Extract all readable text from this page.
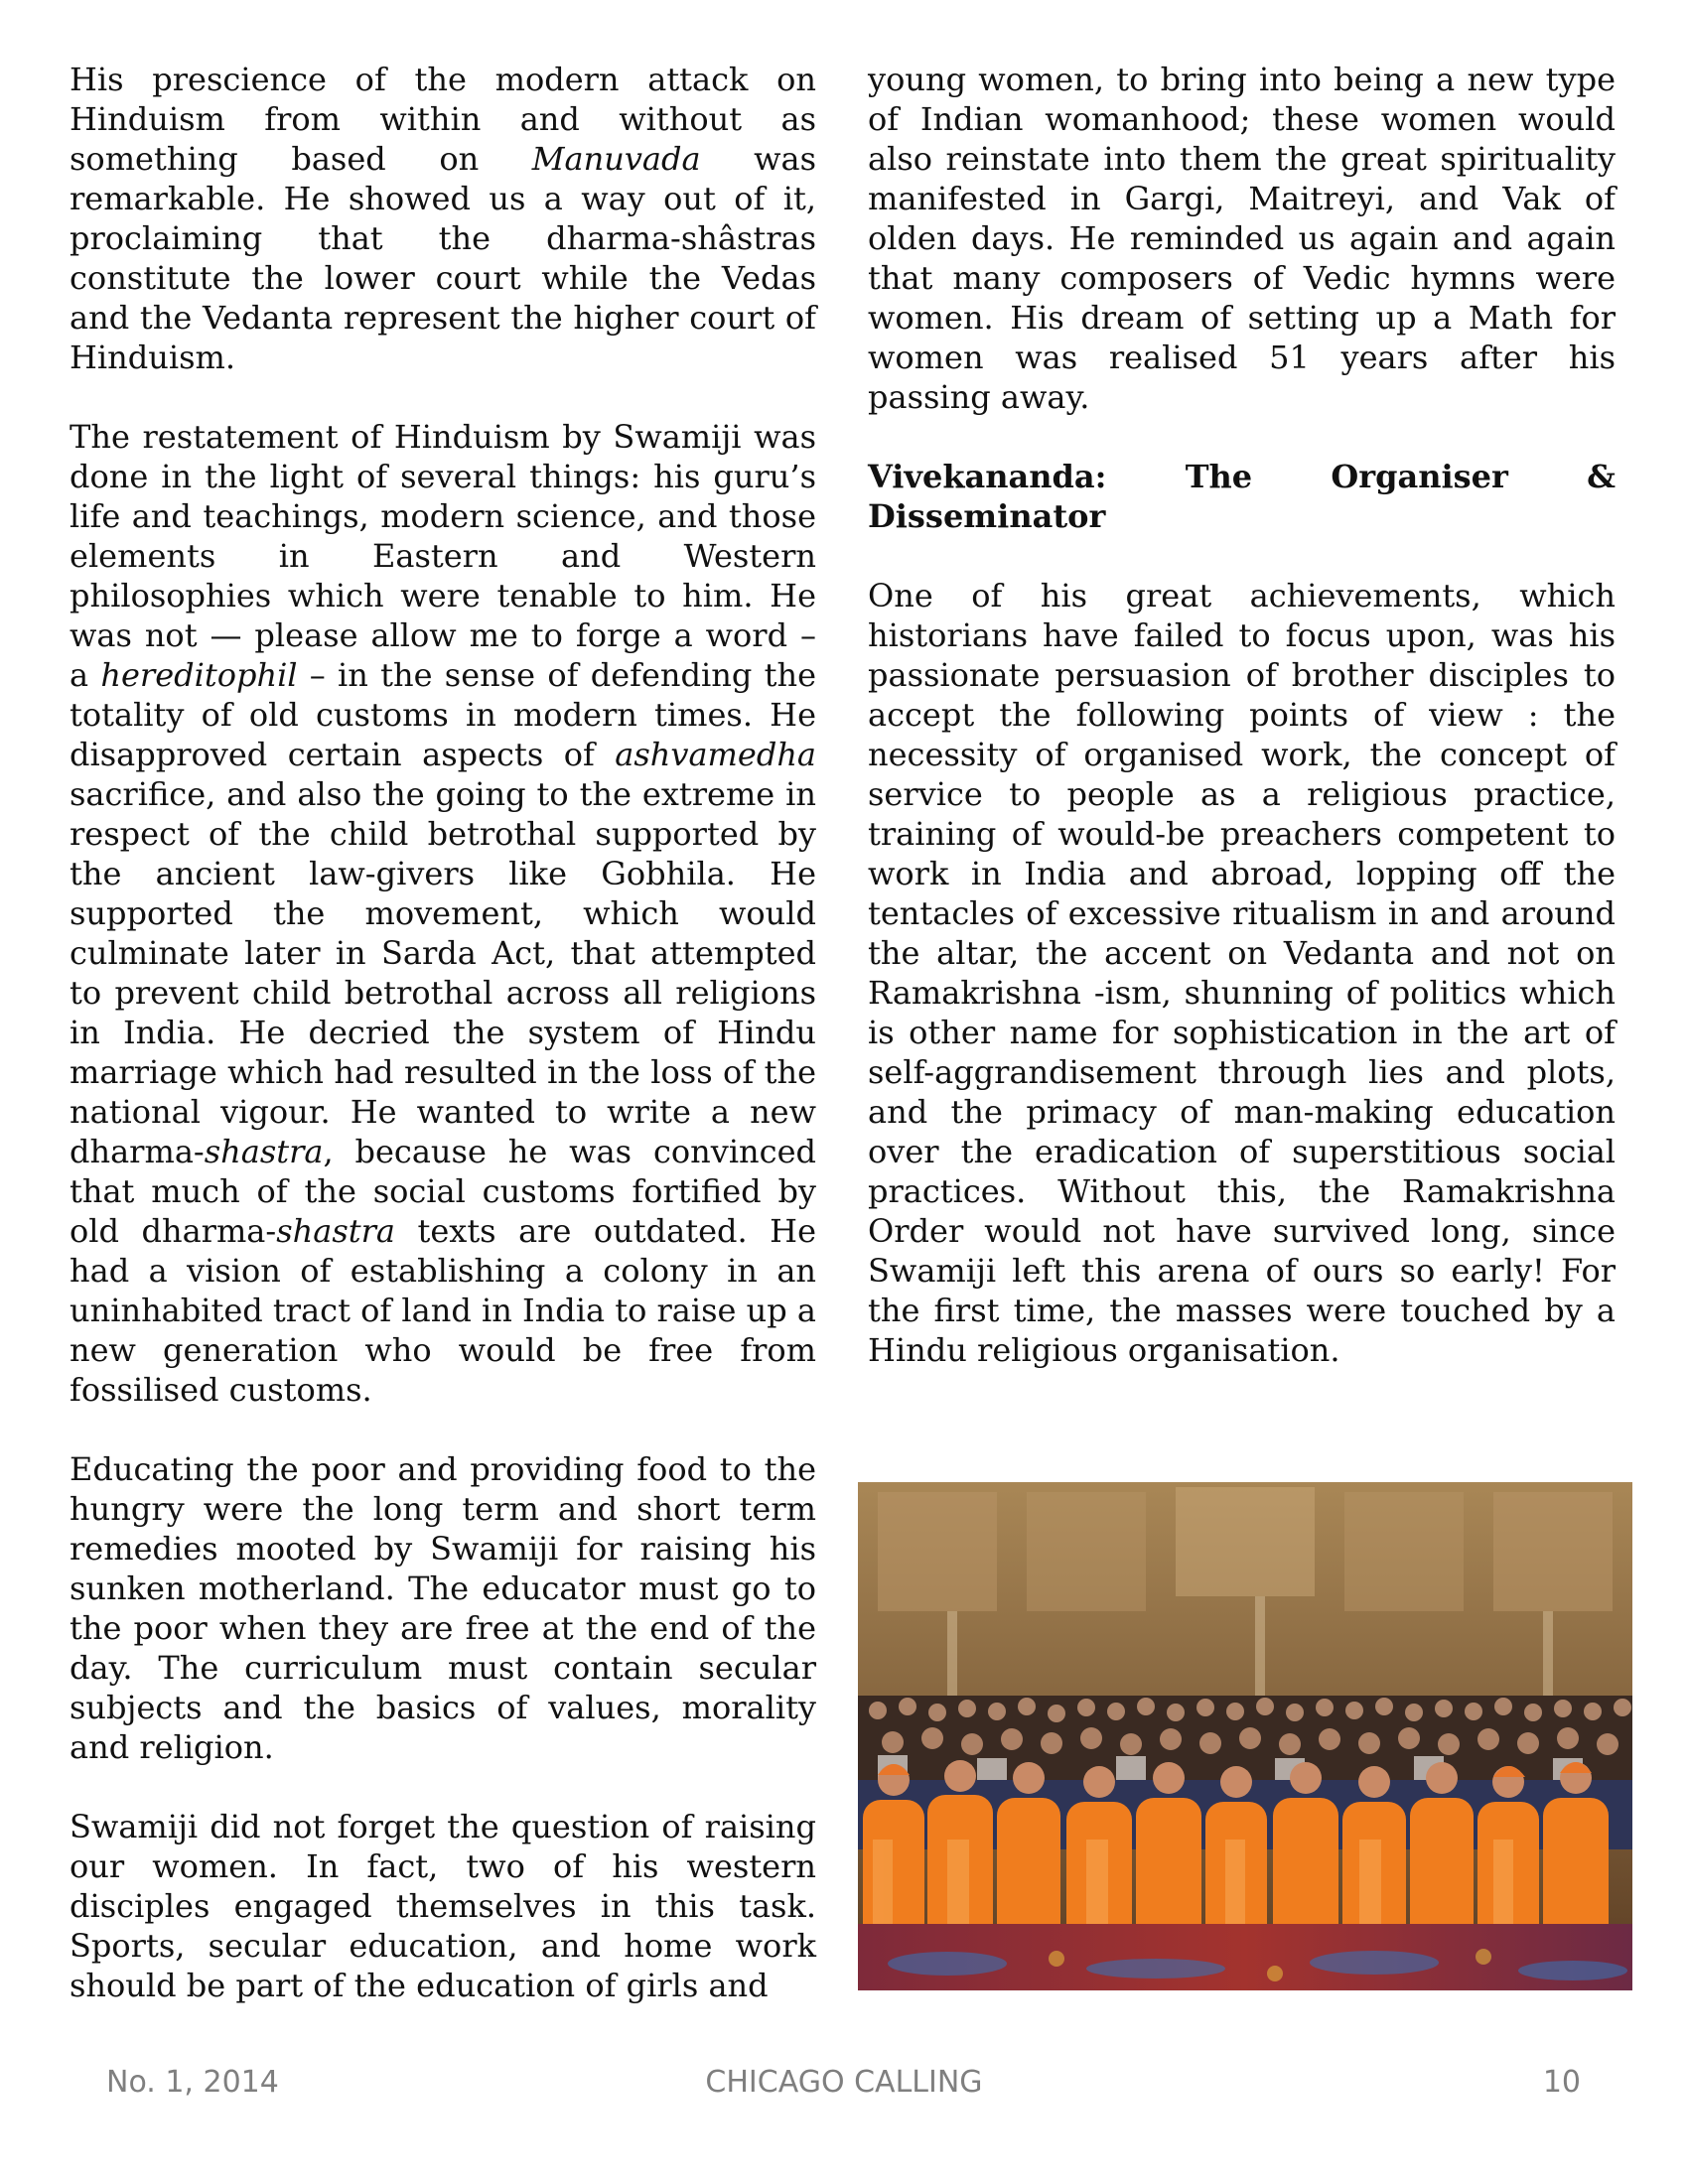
His prescience of the modern attack on Hinduism from within and without as something based on Manuvada was remarkable. He showed us a way out of it, proclaiming that the dharma-shâstras constitute the lower court while the Vedas and the Vedanta represent the higher court of Hinduism.

The restatement of Hinduism by Swamiji was done in the light of several things: his guru’s life and teachings, modern science, and those elements in Eastern and Western philosophies which were tenable to him. He was not — please allow me to forge a word – a hereditophil – in the sense of defending the totality of old customs in modern times. He disapproved certain aspects of ashvamedha sacrifice, and also the going to the extreme in respect of the child betrothal supported by the ancient law-givers like Gobhila. He supported the movement, which would culminate later in Sarda Act, that attempted to prevent child betrothal across all religions in India. He decried the system of Hindu marriage which had resulted in the loss of the national vigour. He wanted to write a new dharma-shastra, because he was convinced that much of the social customs fortified by old dharma-shastra texts are outdated. He had a vision of establishing a colony in an uninhabited tract of land in India to raise up a new generation who would be free from fossilised customs.

Educating the poor and providing food to the hungry were the long term and short term remedies mooted by Swamiji for raising his sunken motherland. The educator must go to the poor when they are free at the end of the day. The curriculum must contain secular subjects and the basics of values, morality and religion.

Swamiji did not forget the question of raising our women. In fact, two of his western disciples engaged themselves in this task. Sports, secular education, and home work should be part of the education of girls and

young women, to bring into being a new type of Indian womanhood; these women would also reinstate into them the great spirituality manifested in Gargi, Maitreyi, and Vak of olden days. He reminded us again and again that many composers of Vedic hymns were women. His dream of setting up a Math for women was realised 51 years after his passing away.

Vivekananda: The Organiser &
Disseminator

One of his great achievements, which historians have failed to focus upon, was his passionate persuasion of brother disciples to accept the following points of view : the necessity of organised work, the concept of service to people as a religious practice, training of would-be preachers competent to work in India and abroad, lopping off the tentacles of excessive ritualism in and around the altar, the accent on Vedanta and not on Ramakrishna -ism, shunning of politics which is other name for sophistication in the art of self-aggrandisement through lies and plots, and the primacy of man-making education over the eradication of superstitious social practices. Without this, the Ramakrishna Order would not have survived long, since Swamiji left this arena of ours so early! For the first time, the masses were touched by a Hindu religious organisation.

No. 1, 2014	CHICAGO CALLING	10
